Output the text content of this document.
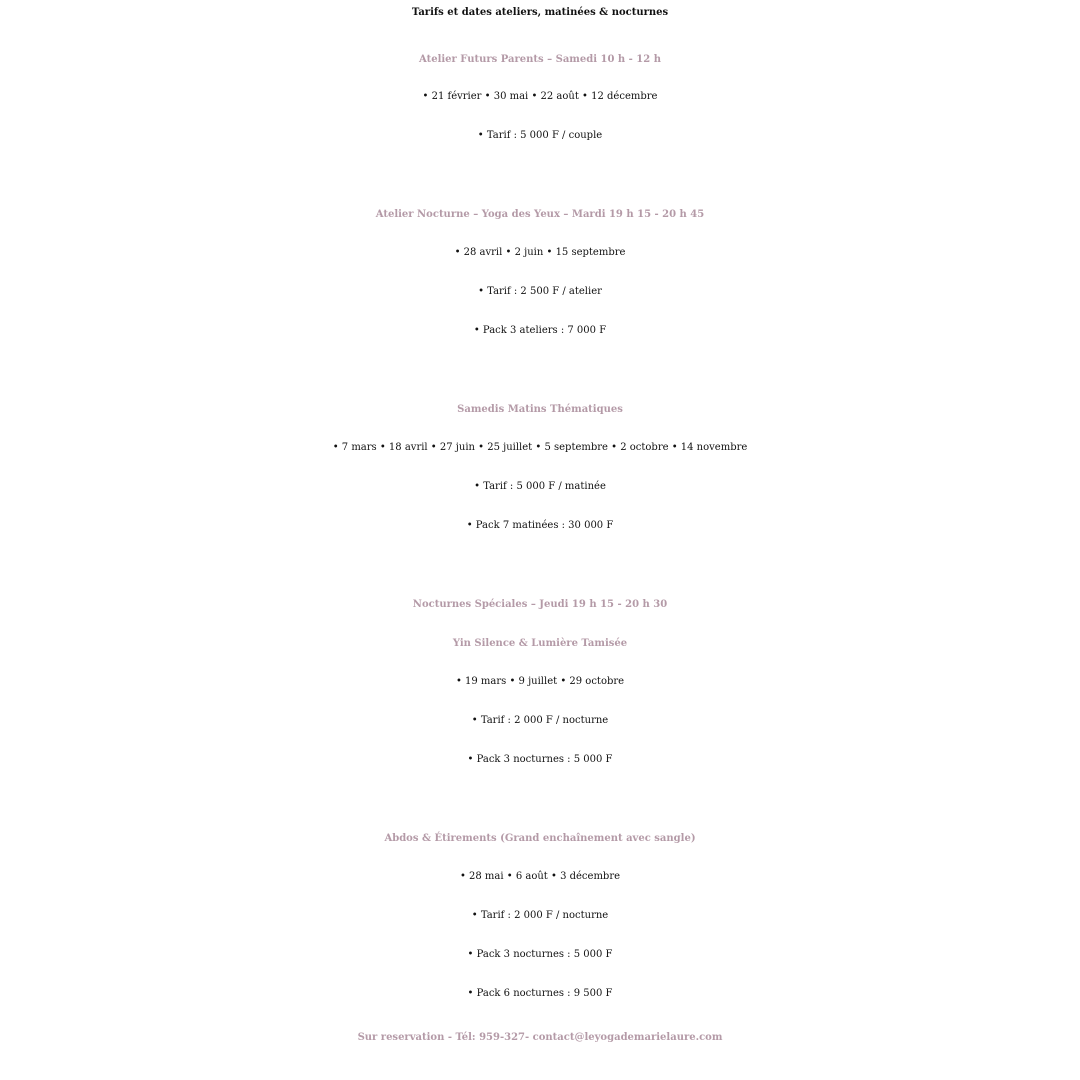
Tarifs et dates ateliers, matinées & nocturnes
Atelier Futurs Parents – Samedi 10 h - 12 h
• 21 février • 30 mai • 22 août • 12 décembre
• Tarif : 5 000 F / couple
Atelier Nocturne – Yoga des Yeux – Mardi 19 h 15 - 20 h 45
• 28 avril • 2 juin • 15 septembre
• Tarif : 2 500 F / atelier
• Pack 3 ateliers : 7 000 F
Samedis Matins Thématiques
• 7 mars • 18 avril • 27 juin • 25 juillet • 5 septembre • 2 octobre • 14 novembre
• Tarif : 5 000 F / matinée
• Pack 7 matinées : 30 000 F
Nocturnes Spéciales – Jeudi 19 h 15 - 20 h 30
Yin Silence & Lumière Tamisée
• 19 mars • 9 juillet • 29 octobre
• Tarif : 2 000 F / nocturne
• Pack 3 nocturnes : 5 000 F
Abdos & Étirements (Grand enchaînement avec sangle)
• 28 mai • 6 août • 3 décembre
• Tarif : 2 000 F / nocturne
• Pack 3 nocturnes : 5 000 F
• Pack 6 nocturnes : 9 500 F
Sur reservation - Tél: 959-327- contact@leyogademarielaure.com
